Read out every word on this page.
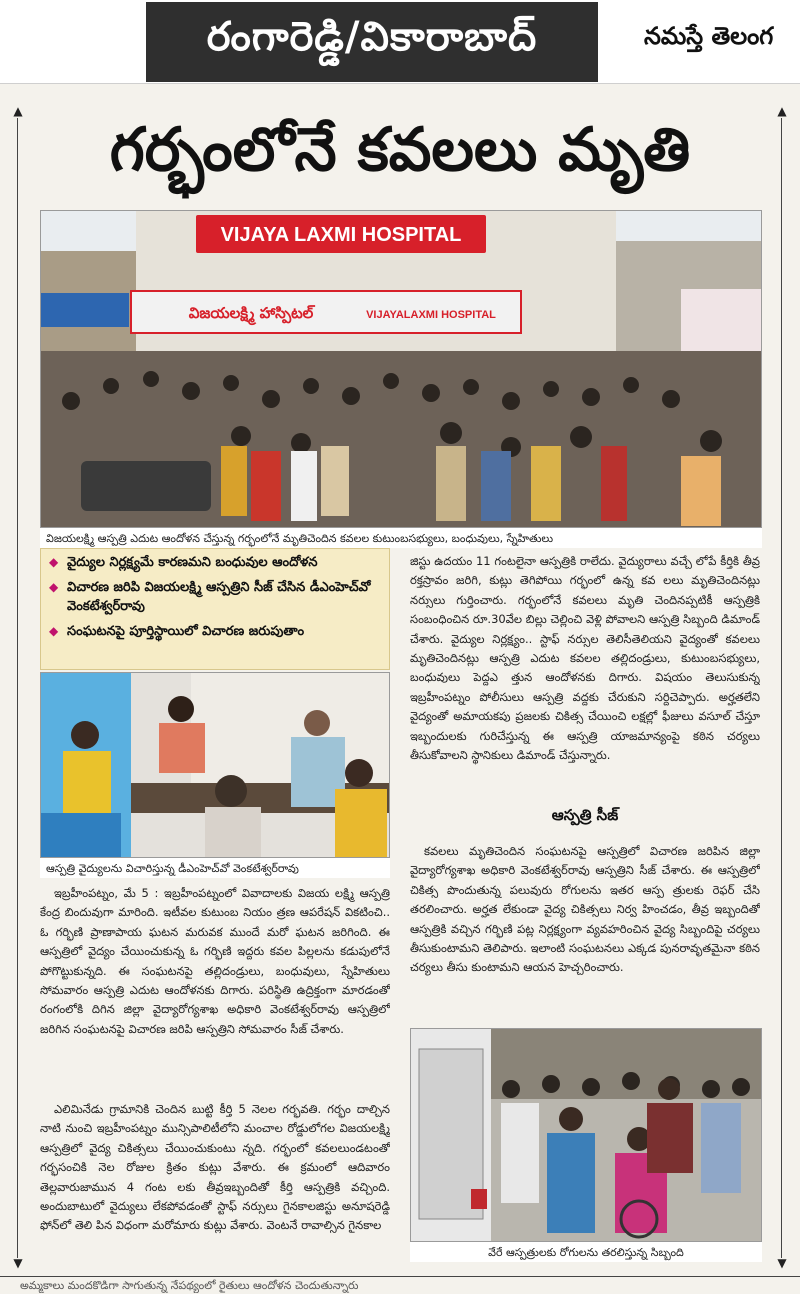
రంగారెడ్డి/వికారాబాద్	నమస్తే తెలంగ
గర్భంలోనే కవలలు మృతి
▲
▼
▲
▼
VIJAYA LAXMI HOSPITAL
విజయలక్ష్మి హాస్పిటల్	VIJAYALAXMI HOSPITAL
విజయలక్ష్మి ఆస్పత్రి ఎదుట ఆందోళన చేస్తున్న గర్భంలోనే మృతిచెందిన కవలల కుటుంబసభ్యులు, బంధువులు, స్నేహితులు
◆ వైద్యుల నిర్లక్ష్యమే కారణమని బంధువుల ఆందోళన
◆ విచారణ జరిపి విజయలక్ష్మి ఆస్పత్రిని సీజ్ చేసిన డీఎంహెచ్‌వో వెంకటేశ్వర్‌రావు
◆ సంఘటనపై పూర్తిస్థాయిలో విచారణ జరుపుతాం
ఆస్పత్రి వైద్యులను విచారిస్తున్న డీఎంహెచ్‌వో వెంకటేశ్వర్‌రావు
ఇబ్రహీంపట్నం, మే 5 : ఇబ్రహీంపట్నంలో వివాదాలకు విజయ లక్ష్మి ఆస్పత్రి కేంద్ర బిందువుగా మారింది. ఇటీవల కుటుంబ నియం త్రణ ఆపరేషన్ వికటించి.. ఓ గర్భిణి ప్రాణాపాయ ఘటన మరువక ముందే మరో ఘటన జరిగింది. ఈ ఆస్పత్రిలో వైద్యం చేయించుకున్న ఓ గర్భిణి ఇద్దరు కవల పిల్లలను కడుపులోనే పోగొట్టుకున్నది. ఈ సంఘటనపై తల్లిదండ్రులు, బంధువులు, స్నేహితులు సోమవారం ఆస్పత్రి ఎదుట ఆందోళనకు దిగారు. పరిస్థితి ఉద్రిక్తంగా మారడంతో రంగంలోకి దిగిన జిల్లా వైద్యారోగ్యశాఖ అధికారి వెంకటేశ్వర్‌రావు ఆస్పత్రిలో జరిగిన సంఘటనపై విచారణ జరిపి ఆస్పత్రిని సోమవారం సీజ్ చేశారు.
ఎలిమినేడు గ్రామానికి చెందిన బుట్టి కీర్తి 5 నెలల గర్భవతి. గర్భం దాల్చిన నాటి నుంచి ఇబ్రహీంపట్నం మున్సిపాలిటీలోని మంచాల రోడ్డులోగల విజయలక్ష్మి ఆస్పత్రిలో వైద్య చికిత్సలు చేయించుకుంటు న్నది. గర్భంలో కవలలుండటంతో గర్భసంచికి నెల రోజుల క్రితం కుట్లు వేశారు. ఈ క్రమంలో ఆదివారం తెల్లవారుజామున 4 గంట లకు తీవ్రఇబ్బందితో కీర్తి ఆస్పత్రికి వచ్చింది. అందుబాటులో వైద్యులు లేకపోవడంతో స్టాఫ్ నర్సులు గైనకాలజిస్టు అనూషరెడ్డి ఫోన్‌లో తెలి పిన విధంగా మరోమారు కుట్లు వేశారు. వెంటనే రావాల్సిన గైనకాల
జిస్టు ఉదయం 11 గంటలైనా ఆస్పత్రికి రాలేదు. వైద్యురాలు వచ్చే లోపే కీర్తికి తీవ్ర రక్తస్రావం జరిగి, కుట్లు తెగిపోయి గర్భంలో ఉన్న కవ లలు మృతిచెందినట్లు నర్సులు గుర్తించారు. గర్భంలోనే కవలలు మృతి చెందినప్పటికీ ఆస్పత్రికి సంబంధించిన రూ.30వేల బిల్లు చెల్లించి వెళ్లి పోవాలని ఆస్పత్రి సిబ్బంది డిమాండ్ చేశారు. వైద్యుల నిర్లక్ష్యం.. స్టాఫ్ నర్సుల తెలిసీతెలియని వైద్యంతో కవలలు మృతిచెందినట్లు ఆస్పత్రి ఎదుట కవలల తల్లిదండ్రులు, కుటుంబసభ్యులు, బంధువులు పెద్దఎ త్తున ఆందోళనకు దిగారు. విషయం తెలుసుకున్న ఇబ్రహీంపట్నం పోలీసులు ఆస్పత్రి వద్దకు చేరుకుని సర్దిచెప్పారు. అర్హతలేని వైద్యంతో అమాయకపు ప్రజలకు చికిత్స చేయించి లక్షల్లో ఫీజులు వసూల్ చేస్తూ ఇబ్బందులకు గురిచేస్తున్న ఈ ఆస్పత్రి యాజమాన్యంపై కఠిన చర్యలు తీసుకోవాలని స్థానికులు డిమాండ్ చేస్తున్నారు.
ఆస్పత్రి సీజ్
కవలలు మృతిచెందిన సంఘటనపై ఆస్పత్రిలో విచారణ జరిపిన జిల్లా వైద్యారోగ్యశాఖ అధికారి వెంకటేశ్వర్‌రావు ఆస్పత్రిని సీజ్ చేశారు. ఈ ఆస్పత్రిలో చికిత్స పొందుతున్న పలువురు రోగులను ఇతర ఆస్ప త్రులకు రెఫర్ చేసి తరలించారు. అర్హత లేకుండా వైద్య చికిత్సలు నిర్వ హించడం, తీవ్ర ఇబ్బందితో ఆస్పత్రికి వచ్చిన గర్భిణి పట్ల నిర్లక్ష్యంగా వ్యవహరించిన వైద్య సిబ్బందిపై చర్యలు తీసుకుంటామని తెలిపారు. ఇలాంటి సంఘటనలు ఎక్కడ పునరావృతమైనా కఠిన చర్యలు తీసు కుంటామని ఆయన హెచ్చరించారు.
వేరే ఆస్పత్రులకు రోగులను తరలిస్తున్న సిబ్బంది
అమ్మకాలు మందకొడిగా సాగుతున్న నేపథ్యంలో రైతులు ఆందోళన చెందుతున్నారు
